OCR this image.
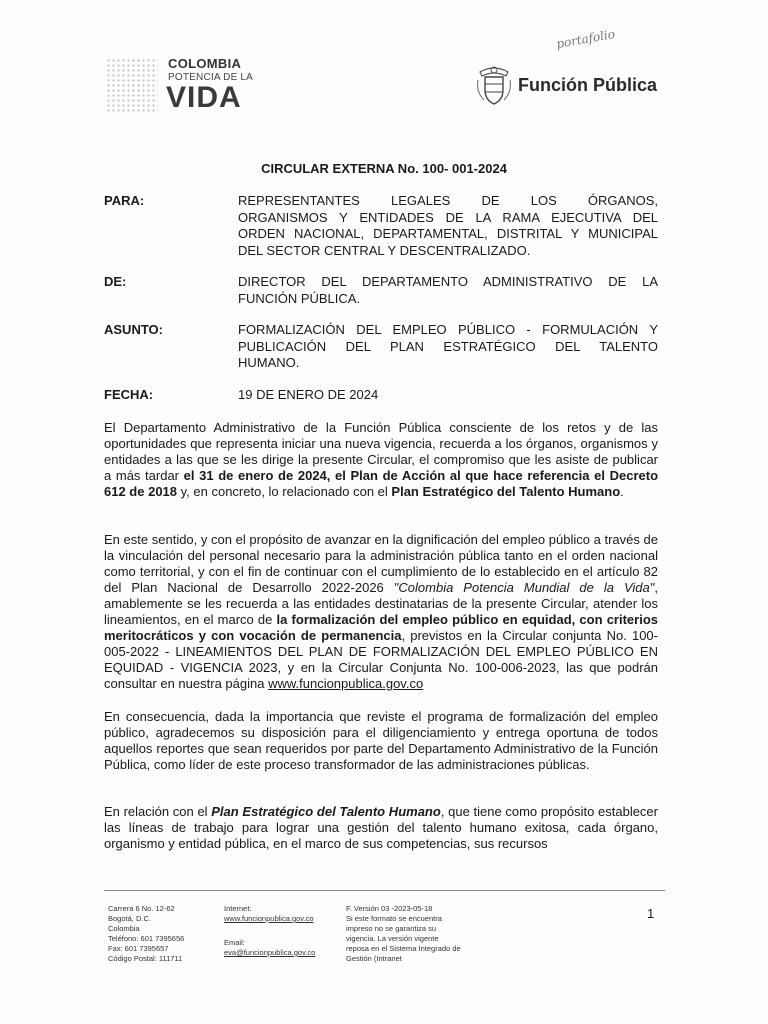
portafolio
COLOMBIA
POTENCIA DE LA
VIDA	Función Pública
CIRCULAR EXTERNA No. 100- 001-2024
PARA:	REPRESENTANTES LEGALES DE LOS ÓRGANOS,
ORGANISMOS Y ENTIDADES DE LA RAMA EJECUTIVA DEL
ORDEN NACIONAL, DEPARTAMENTAL, DISTRITAL Y MUNICIPAL
DEL SECTOR CENTRAL Y DESCENTRALIZADO.
DE:	DIRECTOR DEL DEPARTAMENTO ADMINISTRATIVO DE LA
FUNCIÓN PÚBLICA.
ASUNTO:	FORMALIZACIÓN DEL EMPLEO PÚBLICO - FORMULACIÓN Y
PUBLICACIÓN DEL PLAN ESTRATÉGICO DEL TALENTO
HUMANO.
FECHA:	19 DE ENERO DE 2024

El Departamento Administrativo de la Función Pública consciente de los retos y de las oportunidades que representa iniciar una nueva vigencia, recuerda a los órganos, organismos y entidades a las que se les dirige la presente Circular, el compromiso que les asiste de publicar a más tardar el 31 de enero de 2024, el Plan de Acción al que hace referencia el Decreto 612 de 2018 y, en concreto, lo relacionado con el Plan Estratégico del Talento Humano.

En este sentido, y con el propósito de avanzar en la dignificación del empleo público a través de la vinculación del personal necesario para la administración pública tanto en el orden nacional como territorial, y con el fin de continuar con el cumplimiento de lo establecido en el artículo 82 del Plan Nacional de Desarrollo 2022-2026 "Colombia Potencia Mundial de la Vida", amablemente se les recuerda a las entidades destinatarias de la presente Circular, atender los lineamientos, en el marco de la formalización del empleo público en equidad, con criterios meritocráticos y con vocación de permanencia, previstos en la Circular conjunta No. 100-005-2022 - LINEAMIENTOS DEL PLAN DE FORMALIZACIÓN DEL EMPLEO PÚBLICO EN EQUIDAD - VIGENCIA 2023, y en la Circular Conjunta No. 100-006-2023, las que podrán consultar en nuestra página www.funcionpublica.gov.co

En consecuencia, dada la importancia que reviste el programa de formalización del empleo público, agradecemos su disposición para el diligenciamiento y entrega oportuna de todos aquellos reportes que sean requeridos por parte del Departamento Administrativo de la Función Pública, como líder de este proceso transformador de las administraciones públicas.

En relación con el Plan Estratégico del Talento Humano, que tiene como propósito establecer las líneas de trabajo para lograr una gestión del talento humano exitosa, cada órgano, organismo y entidad pública, en el marco de sus competencias, sus recursos

Carrera 6 No. 12-62
Bogotá, D.C.
Colombia
Teléfono: 601 7395656
Fax: 601 7395657
Código Postal: 111711
Internet:
www.funcionpublica.gov.co
Email:
eva@funcionpublica.gov.co
F. Versión 03 -2023-05-18
Si este formato se encuentra
impreso no se garantiza su
vigencia. La versión vigente
reposa en el Sistema Integrado de
Gestión (Intranet
1
